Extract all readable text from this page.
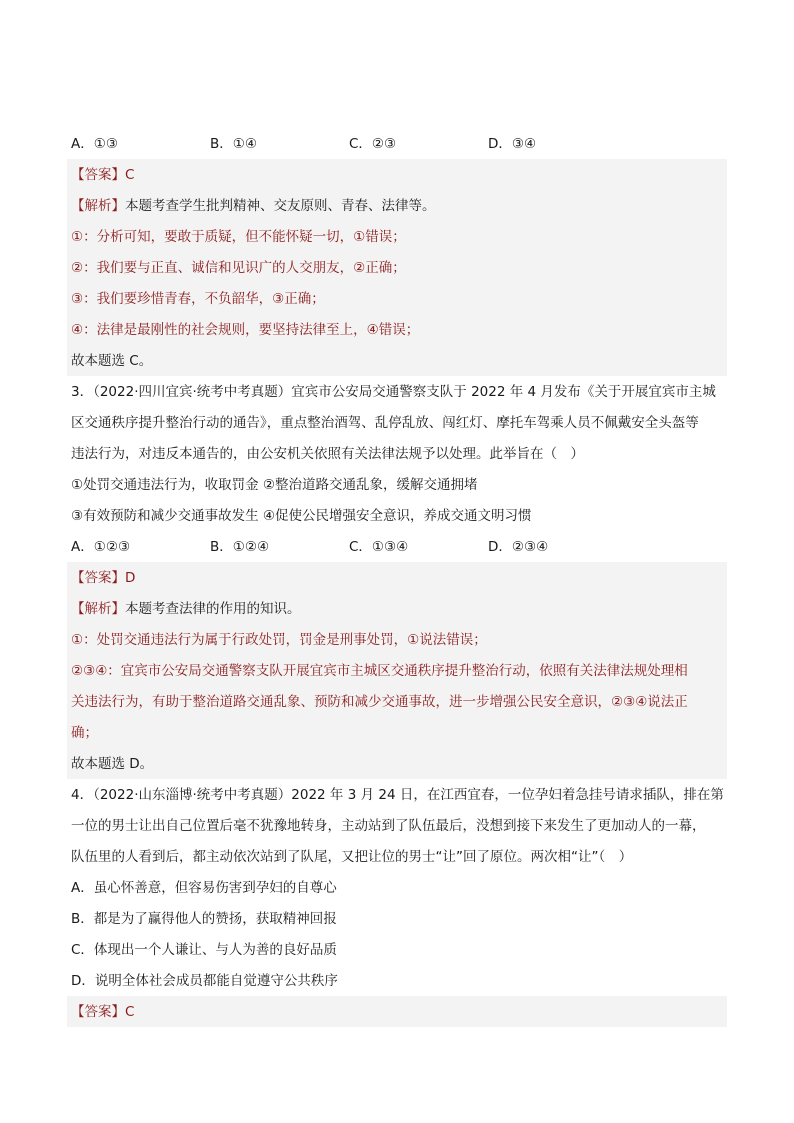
A．①③	B．①④	C．②③	D．③④
【答案】 C
【解析】 本题考查学生批判精神、交友原则、青春、法律等。
①：分析可知，要敢于质疑，但不能怀疑一切，①错误；
②：我们要与正直、诚信和见识广的人交朋友，②正确；
③：我们要珍惜青春，不负韶华，③正确；
④：法律是最刚性的社会规则，要坚持法律至上，④错误；
故本题选 C。
3．（2022·四川宜宾·统考中考真题）宜宾市公安局交通警察支队于 2022 年 4 月发布《关于开展宜宾市主城
区交通秩序提升整治行动的通告》，重点整治酒驾、乱停乱放、闯红灯、摩托车驾乘人员不佩戴安全头盔等
违法行为，对违反本通告的，由公安机关依照有关法律法规予以处理。此举旨在（　）
①处罚交通违法行为，收取罚金 ②整治道路交通乱象，缓解交通拥堵
③有效预防和减少交通事故发生 ④促使公民增强安全意识，养成交通文明习惯
A．①②③	B．①②④	C．①③④	D．②③④
【答案】 D
【解析】 本题考查法律的作用的知识。
①：处罚交通违法行为属于行政处罚，罚金是刑事处罚，①说法错误；
②③④：宜宾市公安局交通警察支队开展宜宾市主城区交通秩序提升整治行动，依照有关法律法规处理相
关违法行为，有助于整治道路交通乱象、预防和减少交通事故，进一步增强公民安全意识，②③④说法正
确；
故本题选 D。
4．（2022·山东淄博·统考中考真题）2022 年 3 月 24 日，在江西宜春，一位孕妇着急挂号请求插队，排在第
一位的男士让出自己位置后毫不犹豫地转身，主动站到了队伍最后，没想到接下来发生了更加动人的一幕，
队伍里的人看到后，都主动依次站到了队尾，又把让位的男士“让”回了原位。两次相“让”（　）
A．虽心怀善意，但容易伤害到孕妇的自尊心
B．都是为了赢得他人的赞扬，获取精神回报
C．体现出一个人谦让、与人为善的良好品质
D．说明全体社会成员都能自觉遵守公共秩序
【答案】 C
